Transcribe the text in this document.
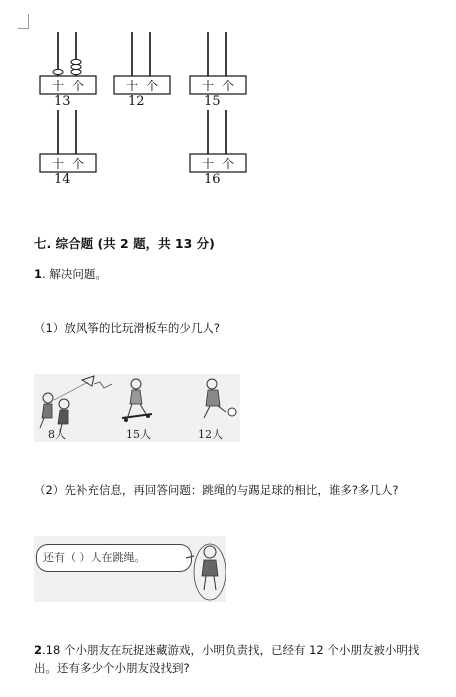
十 个
13
十 个
12
十 个
15
十 个
14
十 个
16
七. 综合题 (共 2 题，共 13 分)
1. 解决问题。
（1）放风筝的比玩滑板车的少几人?
8人	15人	12人
（2）先补充信息，再回答问题：跳绳的与踢足球的相比，谁多?多几人?
还有（ ）人在跳绳。
2.18 个小朋友在玩捉迷藏游戏，小明负责找，已经有 12 个小朋友被小明找
出。还有多少个小朋友没找到?
